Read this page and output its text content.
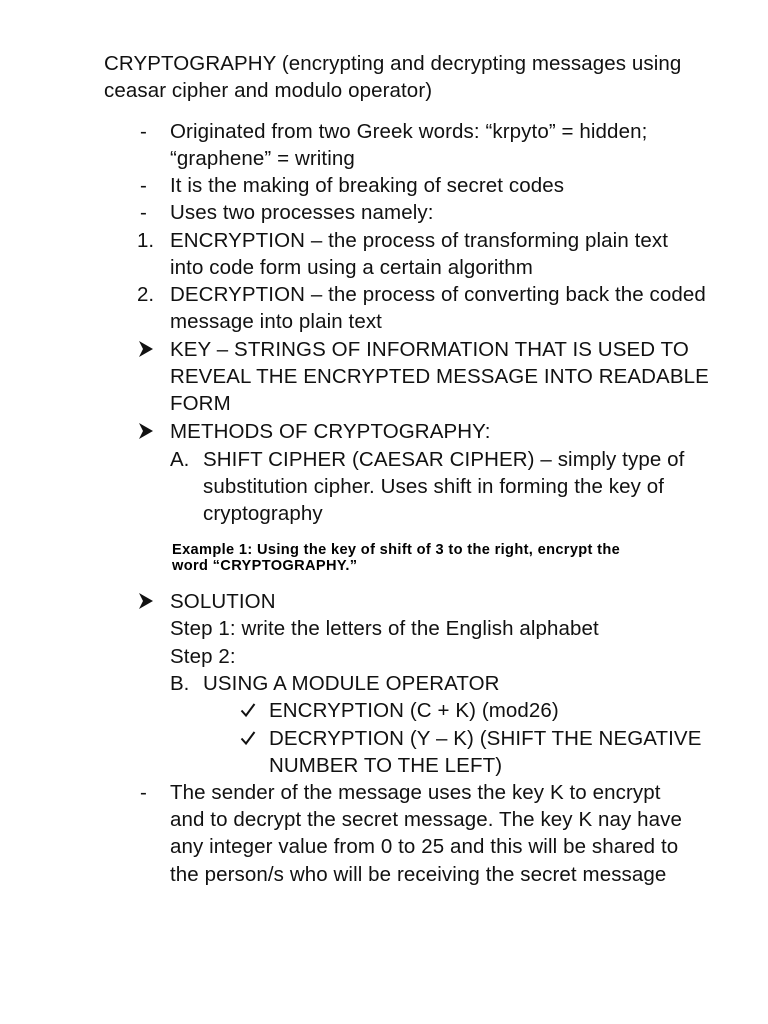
CRYPTOGRAPHY (encrypting and decrypting messages using
ceasar cipher and modulo operator)
- Originated from two Greek words: “krpyto” = hidden;
“graphene” = writing
- It is the making of breaking of secret codes
- Uses two processes namely:
1. ENCRYPTION – the process of transforming plain text
into code form using a certain algorithm
2. DECRYPTION – the process of converting back the coded
message into plain text
KEY – STRINGS OF INFORMATION THAT IS USED TO
REVEAL THE ENCRYPTED MESSAGE INTO READABLE
FORM
METHODS OF CRYPTOGRAPHY:
A. SHIFT CIPHER (CAESAR CIPHER) – simply type of
substitution cipher. Uses shift in forming the key of
cryptography
Example 1: Using the key of shift of 3 to the right, encrypt the
word “CRYPTOGRAPHY.”
SOLUTION
Step 1: write the letters of the English alphabet
Step 2:
B. USING A MODULE OPERATOR
ENCRYPTION (C + K) (mod26)
DECRYPTION (Y – K) (SHIFT THE NEGATIVE
NUMBER TO THE LEFT)
- The sender of the message uses the key K to encrypt
and to decrypt the secret message. The key K nay have
any integer value from 0 to 25 and this will be shared to
the person/s who will be receiving the secret message
